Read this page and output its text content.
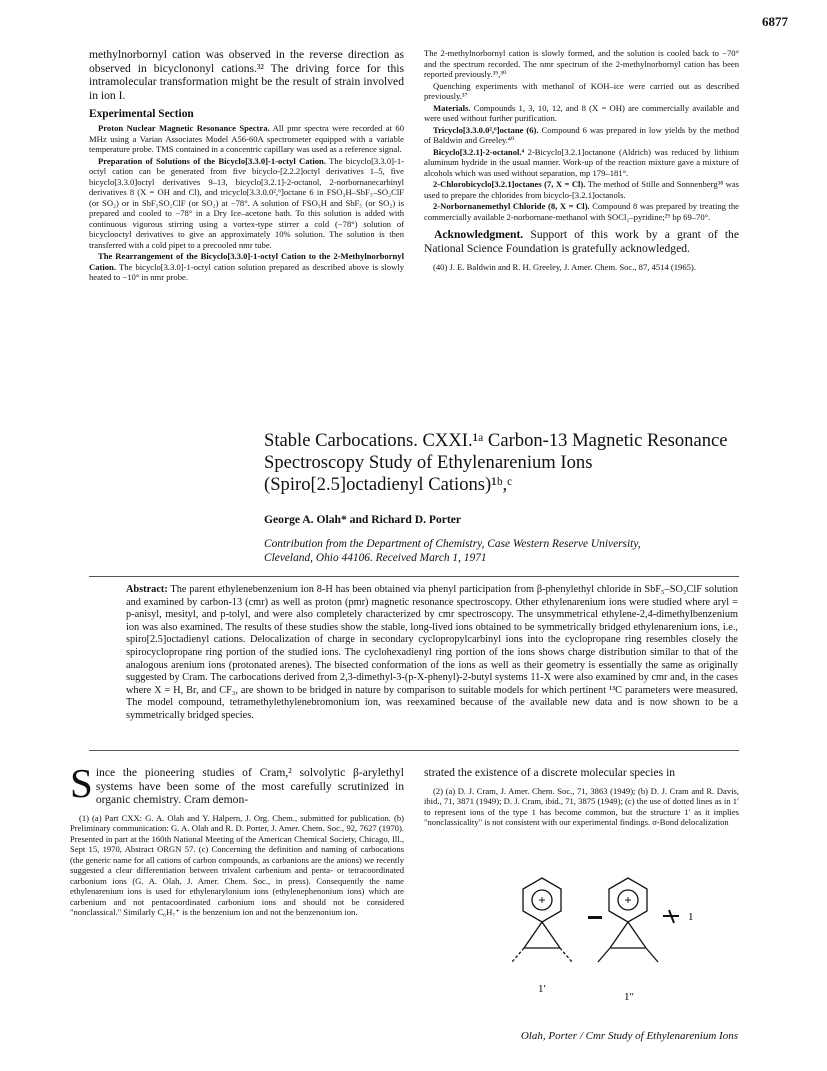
6877

methylnorbornyl cation was observed in the reverse direction as observed in bicyclononyl cations.³² The driving force for this intramolecular transformation might be the result of strain involved in ion I.

Experimental Section

Proton Nuclear Magnetic Resonance Spectra. All pmr spectra were recorded at 60 MHz using a Varian Associates Model A56-60A spectrometer equipped with a variable temperature probe. TMS contained in a concentric capillary was used as a reference signal.

Preparation of Solutions of the Bicyclo[3.3.0]-1-octyl Cation. The bicyclo[3.3.0]-1-octyl cation can be generated from five bicyclo-[2.2.2]octyl derivatives 1–5, five bicyclo[3.3.0]octyl derivatives 9–13, bicyclo[3.2.1]-2-octanol, 2-norbornanecarbinyl derivatives 8 (X = OH and Cl), and tricyclo[3.3.0.0²,⁶]octane 6 in FSO₃H–SbF₅–SO₂ClF (or SO₂) or in SbF₅SO₂ClF (or SO₂) at −78°. A solution of FSO₃H and SbF₅ (or SO₂) is prepared and cooled to −78° in a Dry Ice–acetone bath. To this solution is added with continuous vigorous stirring using a vortex-type stirrer a cold (−78°) solution of bicyclooctyl derivatives to give an approximately 10% solution. The solution is then transferred with a cold pipet to a precooled nmr tube.

The Rearrangement of the Bicyclo[3.3.0]-1-octyl Cation to the 2-Methylnorbornyl Cation. The bicyclo[3.3.0]-1-octyl cation solution prepared as described above is slowly heated to −10° in nmr probe.

The 2-methylnorbornyl cation is slowly formed, and the solution is cooled back to −70° and the spectrum recorded. The nmr spectrum of the 2-methylnorbornyl cation has been reported previously.³⁹,³⁰

Quenching experiments with methanol of KOH–ice were carried out as described previously.³⁷

Materials. Compounds 1, 3, 10, 12, and 8 (X = OH) are commercially available and were used without further purification.

Tricyclo[3.3.0.0²,⁶]octane (6). Compound 6 was prepared in low yields by the method of Baldwin and Greeley.⁴⁰

Bicyclo[3.2.1]-2-octanol.⁴ 2-Bicyclo[3.2.1]octanone (Aldrich) was reduced by lithium aluminum hydride in the usual manner. Work-up of the reaction mixture gave a mixture of alcohols which was used without separation, mp 179–181°.

2-Chlorobicyclo[3.2.1]octanes (7, X = Cl). The method of Stille and Sonnenberg³⁸ was used to prepare the chlorides from bicyclo-[3.2.1]octanols.

2-Norbornanemethyl Chloride (8, X = Cl). Compound 8 was prepared by treating the commercially available 2-norbornane-methanol with SOCl₂–pyridine;²⁹ bp 69–70°.

Acknowledgment. Support of this work by a grant of the National Science Foundation is gratefully acknowledged.

(40) J. E. Baldwin and R. H. Greeley, J. Amer. Chem. Soc., 87, 4514 (1965).

Stable Carbocations. CXXI.¹ᵃ Carbon-13 Magnetic Resonance
Spectroscopy Study of Ethylenarenium Ions
(Spiro[2.5]octadienyl Cations)¹ᵇ,ᶜ
George A. Olah* and Richard D. Porter
Contribution from the Department of Chemistry, Case Western Reserve University,
Cleveland, Ohio 44106. Received March 1, 1971
Abstract: The parent ethylenebenzenium ion 8-H has been obtained via phenyl participation from β-phenylethyl chloride in SbF₅–SO₂ClF solution and examined by carbon-13 (cmr) as well as proton (pmr) magnetic resonance spectroscopy. Other ethylenarenium ions were studied where aryl = p-anisyl, mesityl, and p-tolyl, and were also completely characterized by cmr spectroscopy. The unsymmetrical ethylene-2,4-dimethylbenzenium ion was also examined. The results of these studies show the stable, long-lived ions obtained to be symmetrically bridged ethylenarenium ions, i.e., spiro[2.5]octadienyl cations. Delocalization of charge in secondary cyclopropylcarbinyl ions into the cyclopropane ring resembles closely the spirocyclopropane ring portion of the studied ions. The cyclohexadienyl ring portion of the ions shows charge distribution similar to that of the analogous arenium ions (protonated arenes). The bisected conformation of the ions as well as their geometry is essentially the same as originally suggested by Cram. The carbocations derived from 2,3-dimethyl-3-(p-X-phenyl)-2-butyl systems 11-X were also examined by cmr and, in the cases where X = H, Br, and CF₃, are shown to be bridged in nature by comparison to suitable models for which pertinent ¹³C parameters were measured. The model compound, tetramethylethylenebromonium ion, was reexamined because of the available new data and is now shown to be a symmetrically bridged species.
Since the pioneering studies of Cram,² solvolytic β-arylethyl systems have been some of the most carefully scrutinized in organic chemistry. Cram demon-

(1) (a) Part CXX: G. A. Olah and Y. Halpern, J. Org. Chem., submitted for publication. (b) Preliminary communication: G. A. Olah and R. D. Porter, J. Amer. Chem. Soc., 92, 7627 (1970). Presented in part at the 160th National Meeting of the American Chemical Society, Chicago, Ill., Sept 15, 1970, Abstract ORGN 57. (c) Concerning the definition and naming of carbocations (the generic name for all cations of carbon compounds, as carbanions are the anions) we recently suggested a clear differentiation between trivalent carbenium and penta- or tetracoordinated carbonium ions (G. A. Olah, J. Amer. Chem. Soc., in press). Consequently the name ethylenarenium ions is used for ethylenarylonium ions (ethylenephenonium ions) which are carbenium and not pentacoordinated carbonium ions and should not be considered "nonclassical." Similarly C₆H₇⁺ is the benzenium ion and not the benzenonium ion.

strated the existence of a discrete molecular species in

(2) (a) D. J. Cram, J. Amer. Chem. Soc., 71, 3863 (1949); (b) D. J. Cram and R. Davis, ibid., 71, 3871 (1949); D. J. Cram, ibid., 71, 3875 (1949); (c) the use of dotted lines as in 1′ to represent ions of the type 1 has become common, but the structure 1′ as it implies "nonclassicality" is not consistent with our experimental findings. σ-Bond delocalization

+
1′
+
1″
1
Olah, Porter / Cmr Study of Ethylenarenium Ions
